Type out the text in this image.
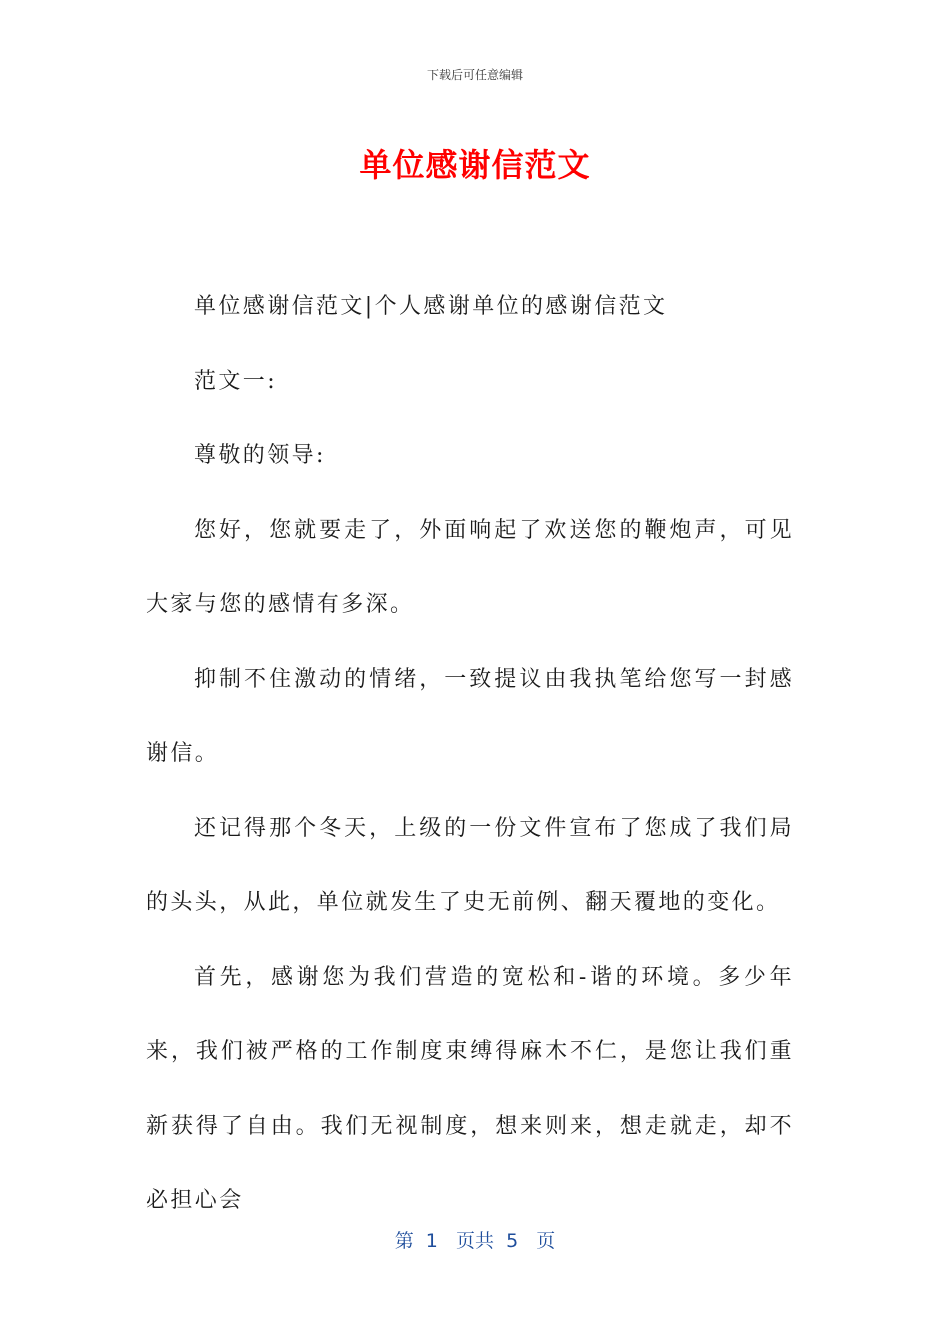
下载后可任意编辑
单位感谢信范文

单位感谢信范文|个人感谢单位的感谢信范文

范文一:

尊敬的领导:

您好，您就要走了，外面响起了欢送您的鞭炮声，可见大家与您的感情有多深。

抑制不住激动的情绪，一致提议由我执笔给您写一封感谢信。

还记得那个冬天，上级的一份文件宣布了您成了我们局的头头，从此，单位就发生了史无前例、翻天覆地的变化。

首先，感谢您为我们营造的宽松和-谐的环境。多少年来，我们被严格的工作制度束缚得麻木不仁，是您让我们重新获得了自由。我们无视制度，想来则来，想走就走，却不必担心会

第  1   页共  5   页
